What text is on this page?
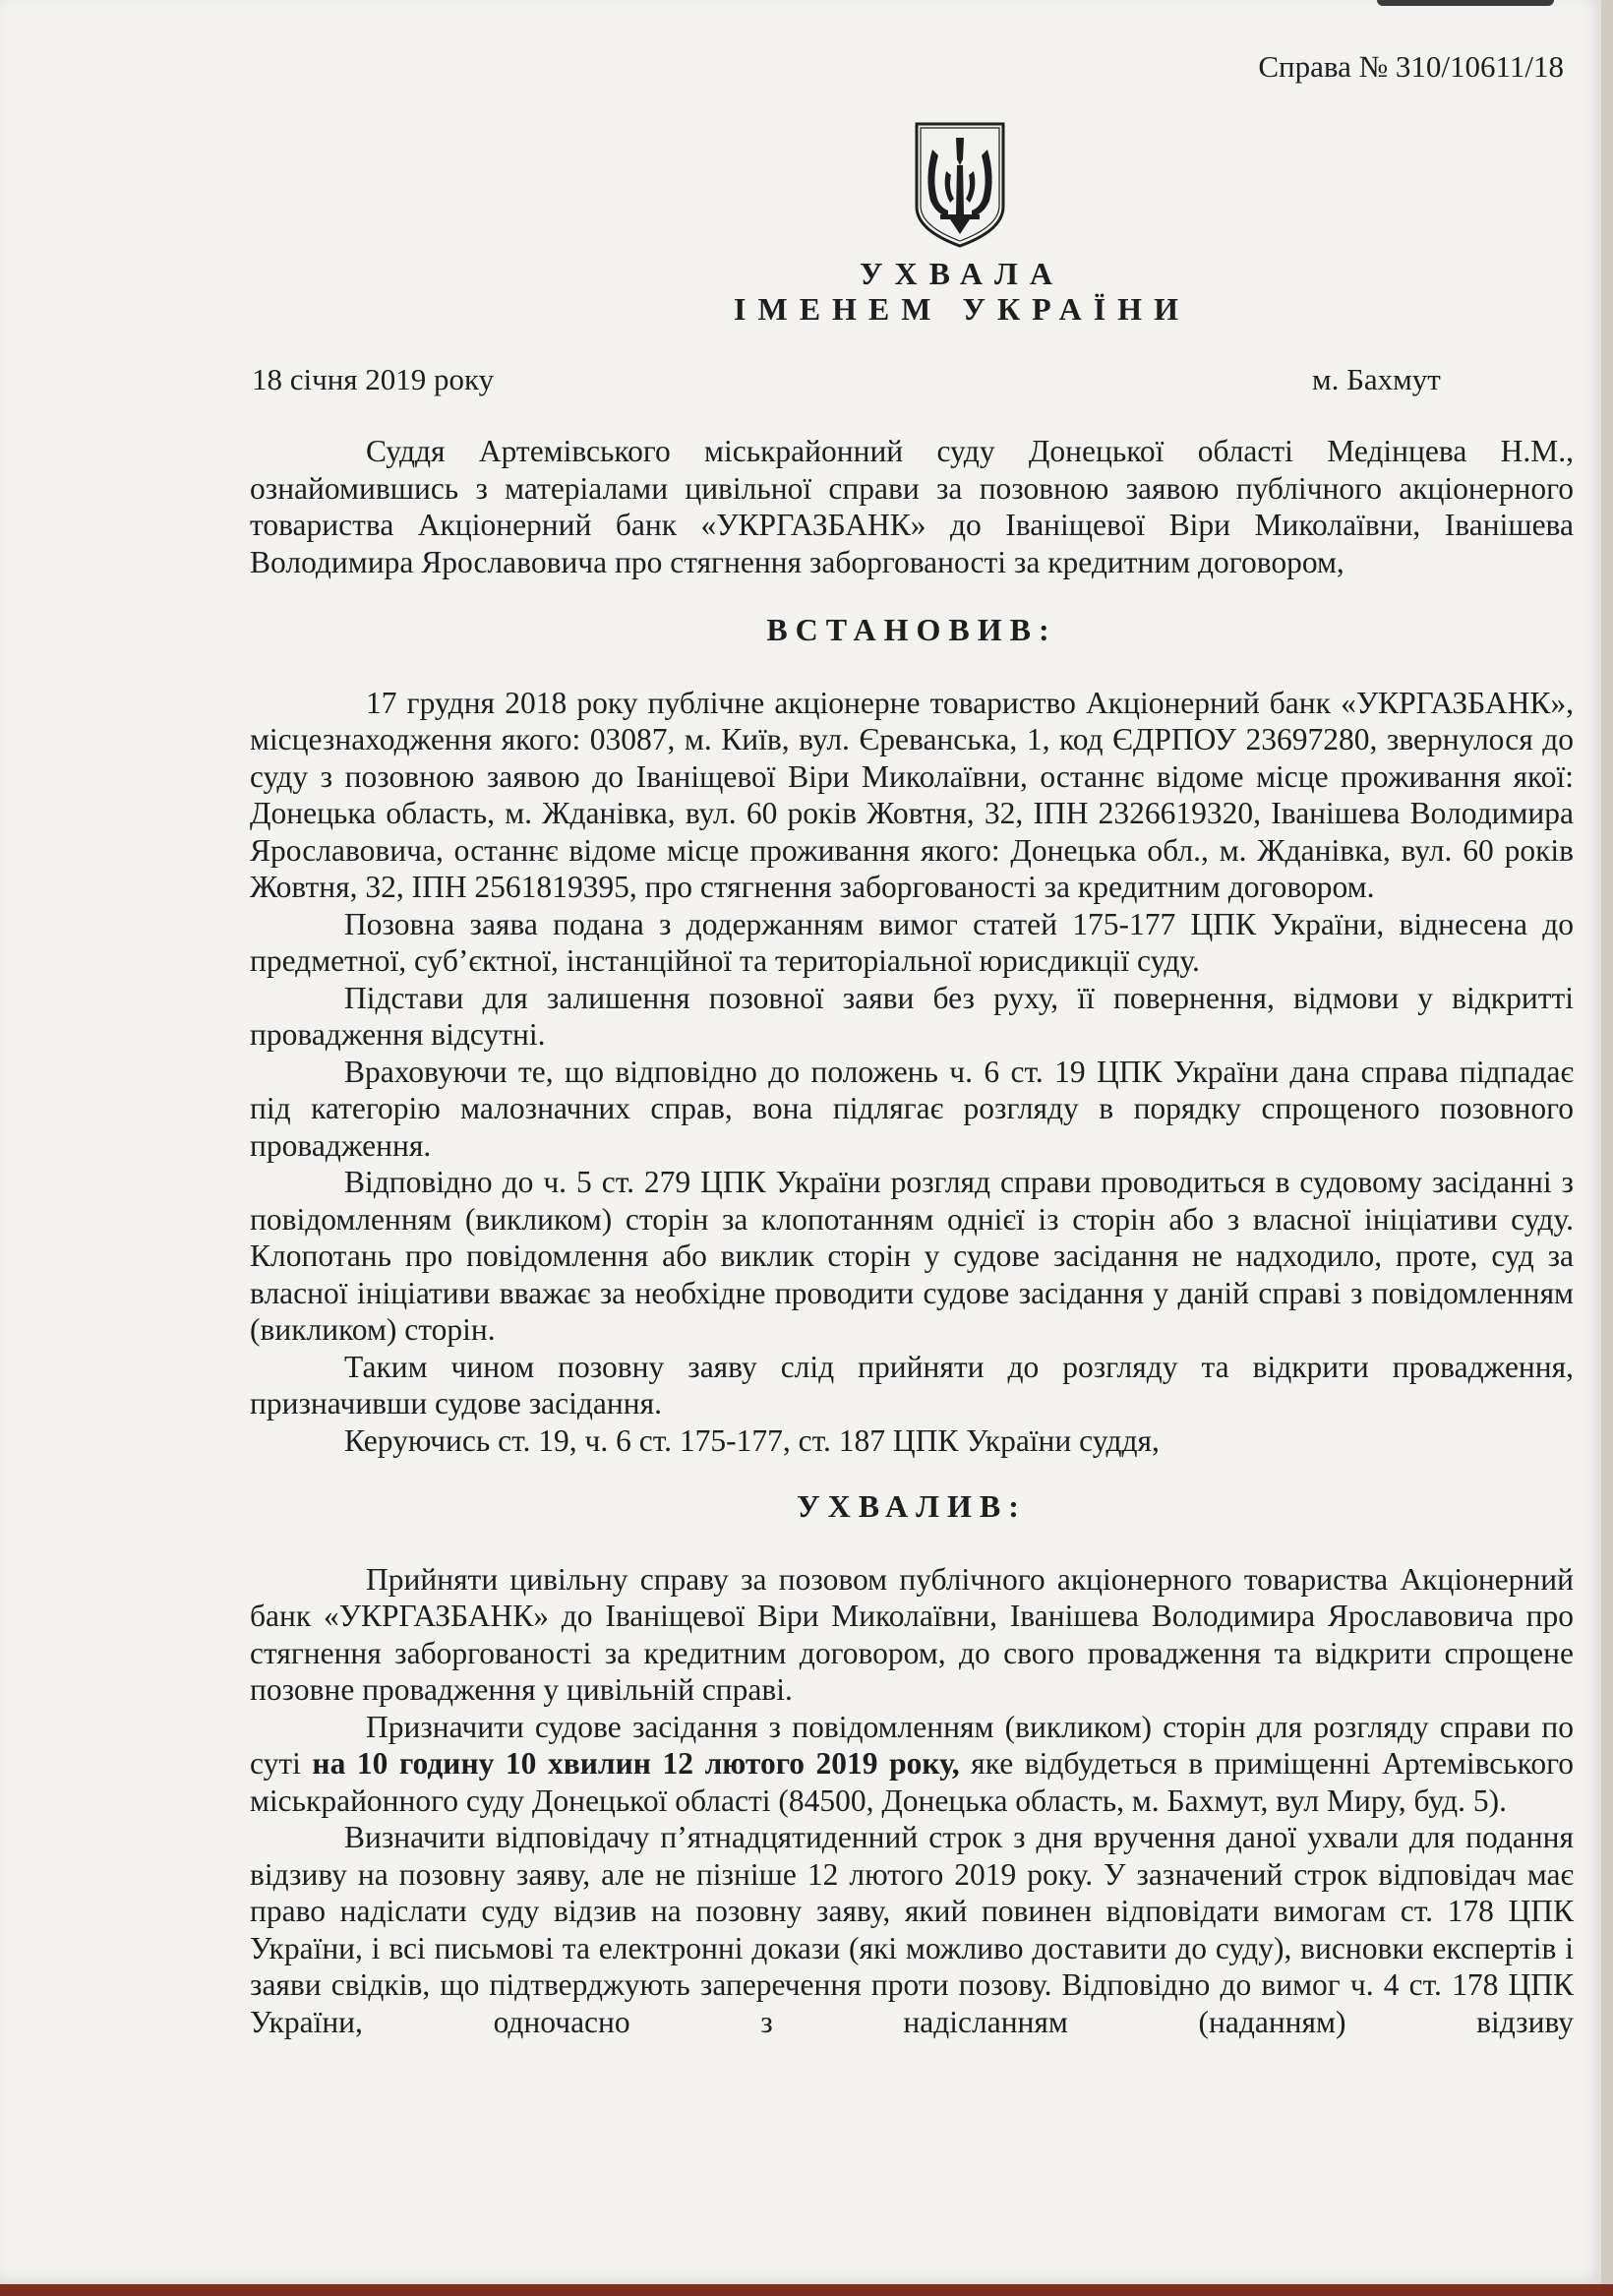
Справа № 310/10611/18

УХВАЛА

ІМЕНЕМ УКРАЇНИ

18 січня 2019 року	м. Бахмут

Суддя Артемівського міськрайонний суду Донецької області Медінцева Н.М., ознайомившись з матеріалами цивільної справи за позовною заявою публічного акціонерного товариства Акціонерний банк «УКРГАЗБАНК» до Іваніщевої Віри Миколаївни, Іванішева Володимира Ярославовича про стягнення заборгованості за кредитним договором,

ВСТАНОВИВ:

17 грудня 2018 року публічне акціонерне товариство Акціонерний банк «УКРГАЗБАНК», місцезнаходження якого: 03087, м. Київ, вул. Єреванська, 1, код ЄДРПОУ 23697280, звернулося до суду з позовною заявою до Іваніщевої Віри Миколаївни, останнє відоме місце проживання якої: Донецька область, м. Жданівка, вул. 60 років Жовтня, 32, ІПН 2326619320, Іванішева Володимира Ярославовича, останнє відоме місце проживання якого: Донецька обл., м. Жданівка, вул. 60 років Жовтня, 32, ІПН 2561819395, про стягнення заборгованості за кредитним договором.

Позовна заява подана з додержанням вимог статей 175-177 ЦПК України, віднесена до предметної, суб’єктної, інстанційної та територіальної юрисдикції суду.

Підстави для залишення позовної заяви без руху, її повернення, відмови у відкритті провадження відсутні.

Враховуючи те, що відповідно до положень ч. 6 ст. 19 ЦПК України дана справа підпадає під категорію малозначних справ, вона підлягає розгляду в порядку спрощеного позовного провадження.

Відповідно до ч. 5 ст. 279 ЦПК України розгляд справи проводиться в судовому засіданні з повідомленням (викликом) сторін за клопотанням однієї із сторін або з власної ініціативи суду. Клопотань про повідомлення або виклик сторін у судове засідання не надходило, проте, суд за власної ініціативи вважає за необхідне проводити судове засідання у даній справі з повідомленням (викликом) сторін.

Таким чином позовну заяву слід прийняти до розгляду та відкрити провадження, призначивши судове засідання.

Керуючись ст. 19, ч. 6 ст. 175-177, ст. 187 ЦПК України суддя,

УХВАЛИВ:

Прийняти цивільну справу за позовом публічного акціонерного товариства Акціонерний банк «УКРГАЗБАНК» до Іваніщевої Віри Миколаївни, Іванішева Володимира Ярославовича про стягнення заборгованості за кредитним договором, до свого провадження та відкрити спрощене позовне провадження у цивільній справі.

Призначити судове засідання з повідомленням (викликом) сторін для розгляду справи по суті на 10 годину 10 хвилин 12 лютого 2019 року, яке відбудеться в приміщенні Артемівського міськрайонного суду Донецької області (84500, Донецька область, м. Бахмут, вул Миру, буд. 5).

Визначити відповідачу п’ятнадцятиденний строк з дня вручення даної ухвали для подання відзиву на позовну заяву, але не пізніше 12 лютого 2019 року. У зазначений строк відповідач має право надіслати суду відзив на позовну заяву, який повинен відповідати вимогам ст. 178 ЦПК України, і всі письмові та електронні докази (які можливо доставити до суду), висновки експертів і заяви свідків, що підтверджують заперечення проти позову. Відповідно до вимог ч. 4 ст. 178 ЦПК України, одночасно з надісланням (наданням) відзиву
